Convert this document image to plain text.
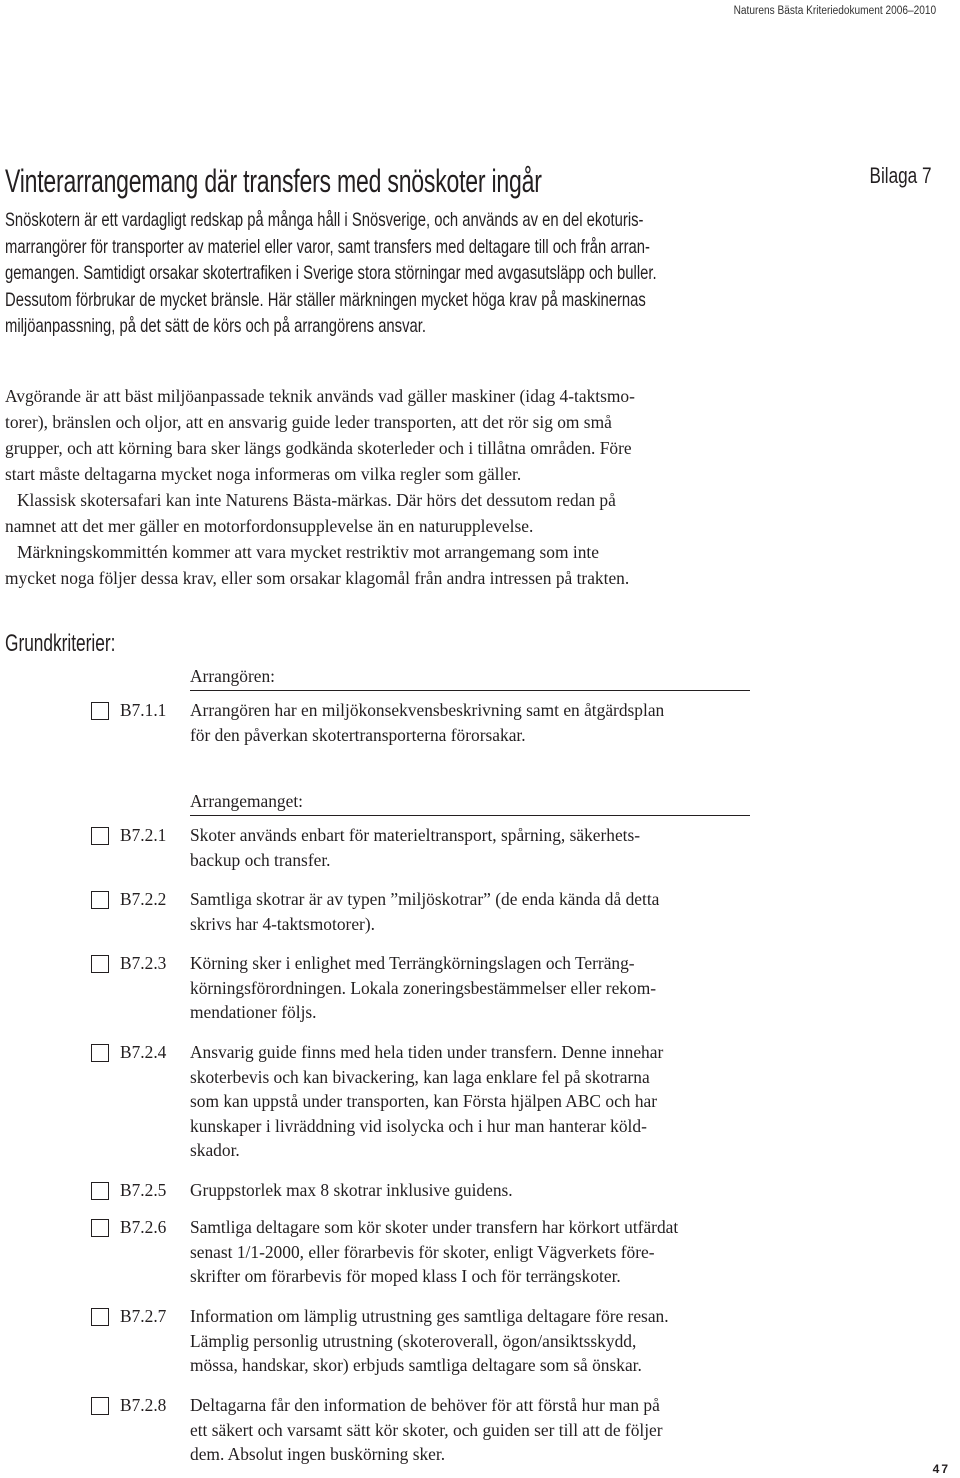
Naturens Bästa Kriteriedokument 2006–2010
Bilaga 7
Vinterarrangemang där transfers med snöskoter ingår
Snöskotern är ett vardagligt redskap på många håll i Snösverige, och används av en del ekoturis-
marrangörer för transporter av materiel eller varor, samt transfers med deltagare till och från arran-
gemangen. Samtidigt orsakar skotertrafiken i Sverige stora störningar med avgasutsläpp och buller.
Dessutom förbrukar de mycket bränsle. Här ställer märkningen mycket höga krav på maskinernas
miljöanpassning, på det sätt de körs och på arrangörens ansvar.

Avgörande är att bäst miljöanpassade teknik används vad gäller maskiner (idag 4-taktsmo-
torer), bränslen och oljor, att en ansvarig guide leder transporten, att det rör sig om små
grupper, och att körning bara sker längs godkända skoterleder och i tillåtna områden. Före
start måste deltagarna mycket noga informeras om vilka regler som gäller.

Klassisk skotersafari kan inte Naturens Bästa-märkas. Där hörs det dessutom redan på
namnet att det mer gäller en motorfordonsupplevelse än en naturupplevelse.

Märkningskommittén kommer att vara mycket restriktiv mot arrangemang som inte
mycket noga följer dessa krav, eller som orsakar klagomål från andra intressen på trakten.

Grundkriterier:
Arrangören:
B7.1.1 Arrangören har en miljökonsekvensbeskrivning samt en åtgärdsplan
för den påverkan skotertransporterna förorsakar.
Arrangemanget:
B7.2.1 Skoter används enbart för materieltransport, spårning, säkerhets-
backup och transfer.
B7.2.2 Samtliga skotrar är av typen ”miljöskotrar” (de enda kända då detta
skrivs har 4-taktsmotorer).
B7.2.3 Körning sker i enlighet med Terrängkörningslagen och Terräng-
körningsförordningen. Lokala zoneringsbestämmelser eller rekom-
mendationer följs.
B7.2.4 Ansvarig guide finns med hela tiden under transfern. Denne innehar
skoterbevis och kan bivackering, kan laga enklare fel på skotrarna
som kan uppstå under transporten, kan Första hjälpen ABC och har
kunskaper i livräddning vid isolycka och i hur man hanterar köld-
skador.
B7.2.5 Gruppstorlek max 8 skotrar inklusive guidens.
B7.2.6 Samtliga deltagare som kör skoter under transfern har körkort utfärdat
senast 1/1-2000, eller förarbevis för skoter, enligt Vägverkets före-
skrifter om förarbevis för moped klass I och för terrängskoter.
B7.2.7 Information om lämplig utrustning ges samtliga deltagare före resan.
Lämplig personlig utrustning (skoteroverall, ögon/ansiktsskydd,
mössa, handskar, skor) erbjuds samtliga deltagare som så önskar.
B7.2.8 Deltagarna får den information de behöver för att förstå hur man på
ett säkert och varsamt sätt kör skoter, och guiden ser till att de följer
dem. Absolut ingen buskörning sker.
47
